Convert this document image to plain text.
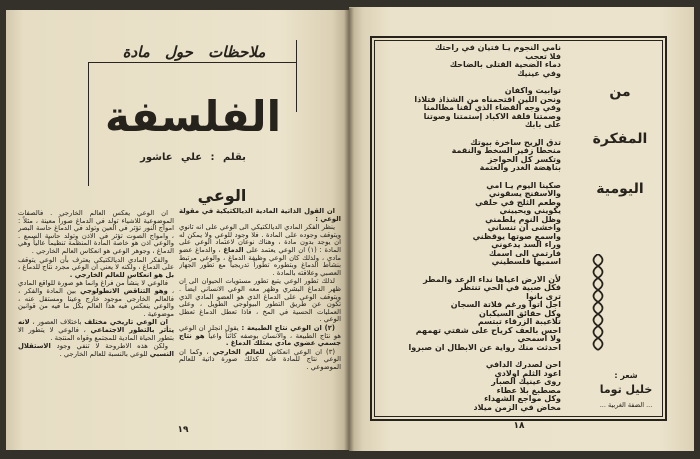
ملاحظات حول مادة
الفلسفة
بقلم : علي عاشور
الوعي

ان القول الذاتية المادية الديالكتيكية في مقولة الوعي :

ينظر الفكر المادي الديالكتيكي الى الوعي على انه ثانوي ويتوقف وجوده على المادة . فلا وجود للوعي ولا يمكن له ان يوجد بدون مادة ، وهناك نوعان لاعتماد الوعي على المادة : (١) ان الوعي يعتمد على الدماغ ، والدماغ عضو مادي ، ولذلك كان الوعي وظيفة الدماغ ، والوعي مرتبط بنشاط الدماغ وبتطوره تطوراً تدريجياً مع تطور الجهاز العصبي وعلاقته بالمادة .

لذلك تطور الوعي يتبع تطور مستويات الحيوان الى ان ظهر الدماغ البشري وظهر معه الوعي الانساني ايضاً . ويتوقف الوعي على الدماغ الذي هو العضو المادي الذي تكون عن طريق التطور البيولوجي الطويل ، وعلى العمليات الحسية في المخ ، فاذا تعطل الدماغ تعطل الوعي .

(٢) ان الوعي نتاج الطبيعة : يقول انجلز ان الوعي هو نتاج الطبيعة ، والانسان بوصفه كائناً واعياً هو نتاج جسمي عضوي مادي يمتلك الدماغ .

(٣) ان الوعي انعكاس للعالم الخارجي ، وكما ان الوعي نتاج للمادة فانه كذلك صورة ذاتية للعالم الموضوعي .

ان الوعي يعكس العالم الخارجي . فالصفات الموضوعية للاشياء تولد في الدماغ صوراً معينة ، مثلاً : امواج النور تؤثر في العين وتولد في الدماغ حاسة البصر ، وامواج الصوت تؤثر في الاذن وتولد حاسة السمع . والوعي اذن هو خاصة المادة المنظمة تنظيماً عالياً وهي الدماغ ، وجوهر الوعي هو انعكاس العالم الخارجي .

والفكر المادي الديالكتيكي يعترف بأن الوعي يتوقف على الدماغ ، ولكنه لا يعني ان الوعي مجرد نتاج للدماغ ، بل هو انعكاس للعالم الخارجي .

فالوعي لا ينشأ من فراغ وانما هو صورة للواقع المادي ، وهو التناقض الانطولوجي بين المادة والفكر ، فالعالم الخارجي موجود خارج وعينا ومستقل عنه ، والوعي ينعكس فيه هذا العالم بكل ما فيه من قوانين موضوعية .

ان الوعي تاريخي مختلف باختلاف العصور ، لانه يتأثر بالتطور الاجتماعي ، فالوعي لا يتطور الا بتطور الحياة المادية للمجتمع وقواه المنتجة .

ولكن هذه الاطروحة لا تنفي وجود الاستقلال النسبي للوعي بالنسبة للعالم الخارجي .

١٩
نامي النجوم يـا فتيان في راحتك
فلا تعجب
دماء الضحية القتلى بالضاحك
وفي عينيك
توابيت واكفان
ونحن اللين اقتحمناه من الشذاذ فتلاذا
وفي وجه القضاء الذي لقنا مظالمنا
وصمتنا فلقة الاكباد إستمتنا وصوتنا
على بابك
تدق الريح ساخرة بيوتك
منحطاً زفير السخط والنقمة
وتكسر كل الحواجز
بناهضة الغدر والعتمة
صكينا اليوم يـا امي
والاسفنج يسقوني
وطعم الثلج في حلقي
يكويني ويحييني
وظل النوم يلطمني
واخشى ان تنساني
واسمع صوتها يوقظني
وراء السد يدعوني
فارتمي الى اسمك
اسميها فلسطيني
لأن الارض اعياها نداء الرعد والمطر
فكل صبية في الحي تنتظر
ترى بانوا
اجل اتوا ورغم فلاتة السجان
وكل حقائق السيكبان
تلاعيبة الزرقاء تبتسم
احس بالعف كرياح على شفتي تهمهم
ولا اسمحي
احدثت منك رواية عن الابطال ان صبروا
احن لصدرك الدافي
اعود الثلم اولادي
روى عينيك الصبار
مصطبغ بلا عطاء
وكل مواجع الشهداء
مخاض في الزمن ميلاد
من
المفكرة
اليومية
شعر :
خليل توما
... الضفة الغربية ...
١٨
